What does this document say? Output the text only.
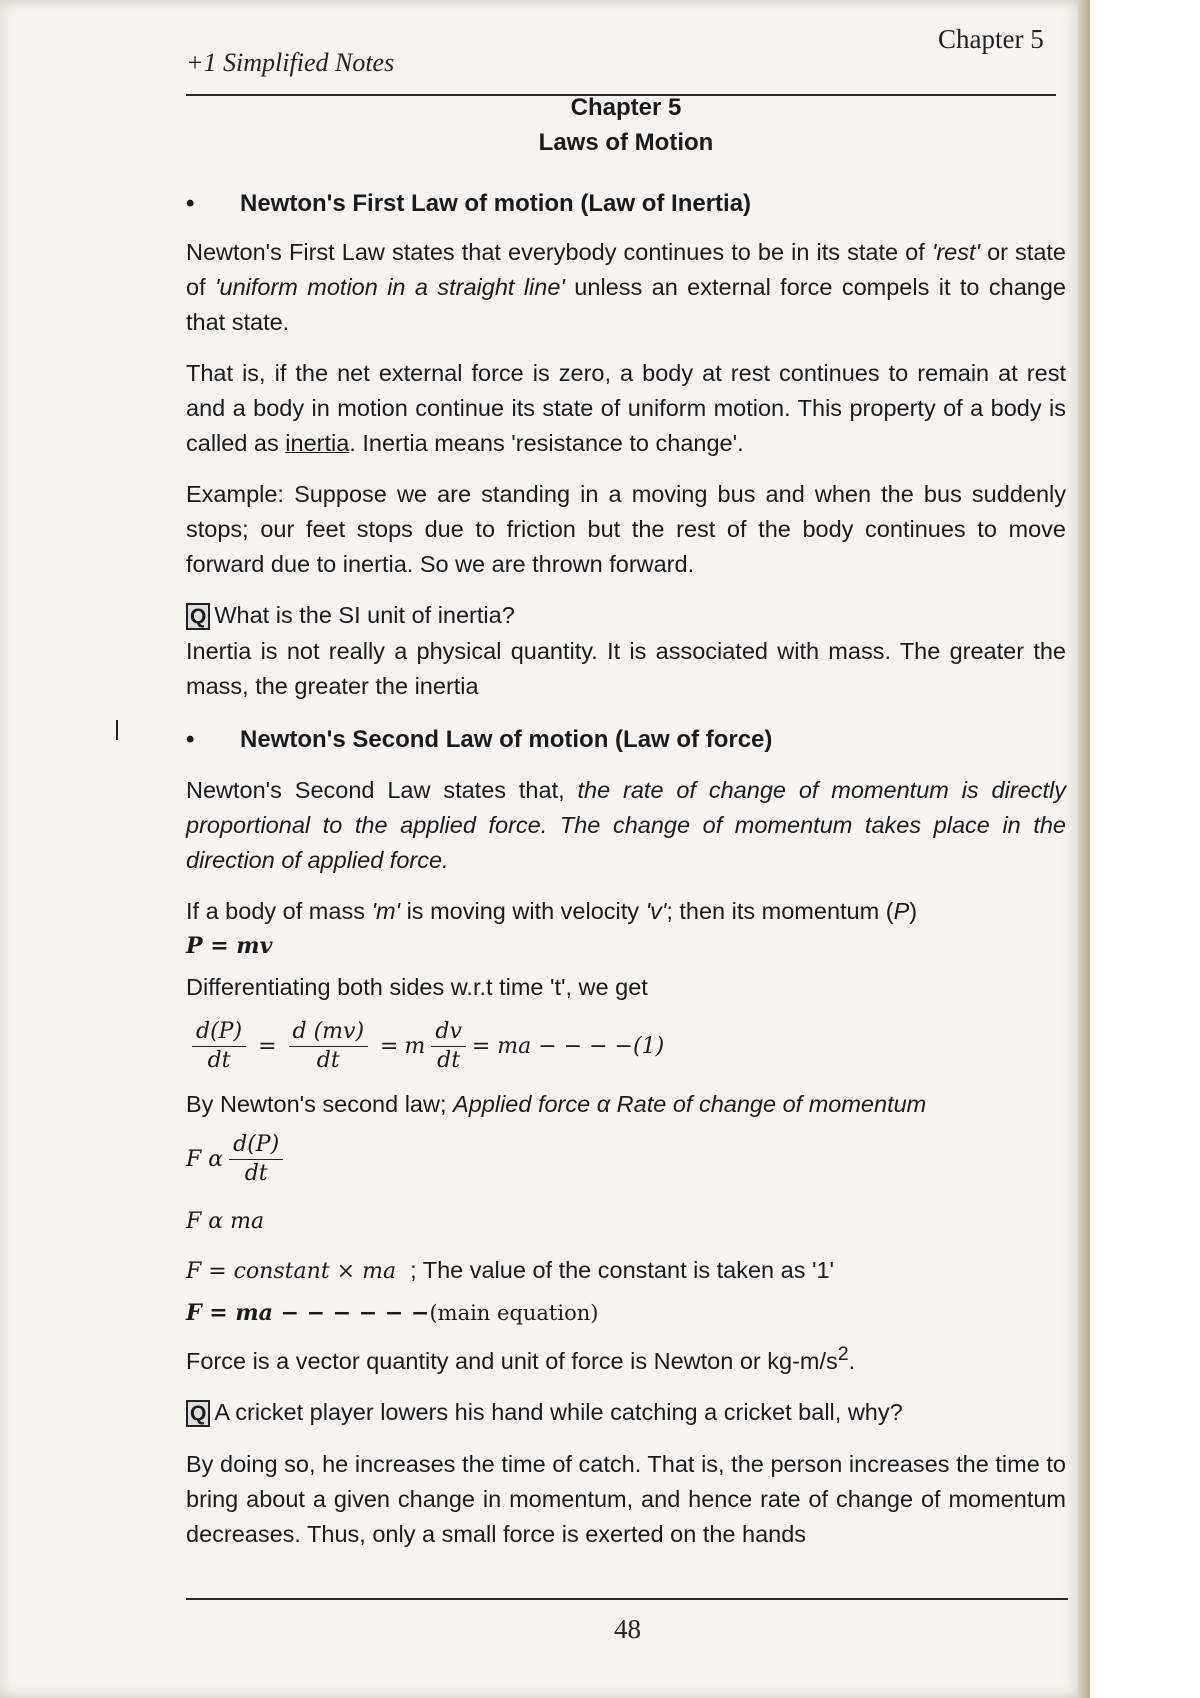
+1 Simplified Notes
Chapter 5
Chapter 5
Laws of Motion
• Newton's First Law of motion (Law of Inertia)

Newton's First Law states that everybody continues to be in its state of 'rest' or state of 'uniform motion in a straight line' unless an external force compels it to change that state.

That is, if the net external force is zero, a body at rest continues to remain at rest and a body in motion continue its state of uniform motion. This property of a body is called as inertia. Inertia means 'resistance to change'.

Example: Suppose we are standing in a moving bus and when the bus suddenly stops; our feet stops due to friction but the rest of the body continues to move forward due to inertia. So we are thrown forward.

Q What is the SI unit of inertia?

Inertia is not really a physical quantity. It is associated with mass. The greater the mass, the greater the inertia

• Newton's Second Law of motion (Law of force)

Newton's Second Law states that, the rate of change of momentum is directly proportional to the applied force. The change of momentum takes place in the direction of applied force.

If a body of mass 'm' is moving with velocity 'v'; then its momentum (P)

P = mv

Differentiating both sides w.r.t time 't', we get

$\frac{d(P)}{dt} = \frac{d (mv)}{dt} = m \frac{dv}{dt}$ = ma − − − −(1)

By Newton's second law; Applied force α Rate of change of momentum

F α $\frac{d(P)}{dt}$

F α ma

F = constant × ma ; The value of the constant is taken as '1'

F = ma − − − − − −(main equation)

Force is a vector quantity and unit of force is Newton or $kg-m/s^2$.

Q A cricket player lowers his hand while catching a cricket ball, why?

By doing so, he increases the time of catch. That is, the person increases the time to bring about a given change in momentum, and hence rate of change of momentum decreases. Thus, only a small force is exerted on the hands

48
